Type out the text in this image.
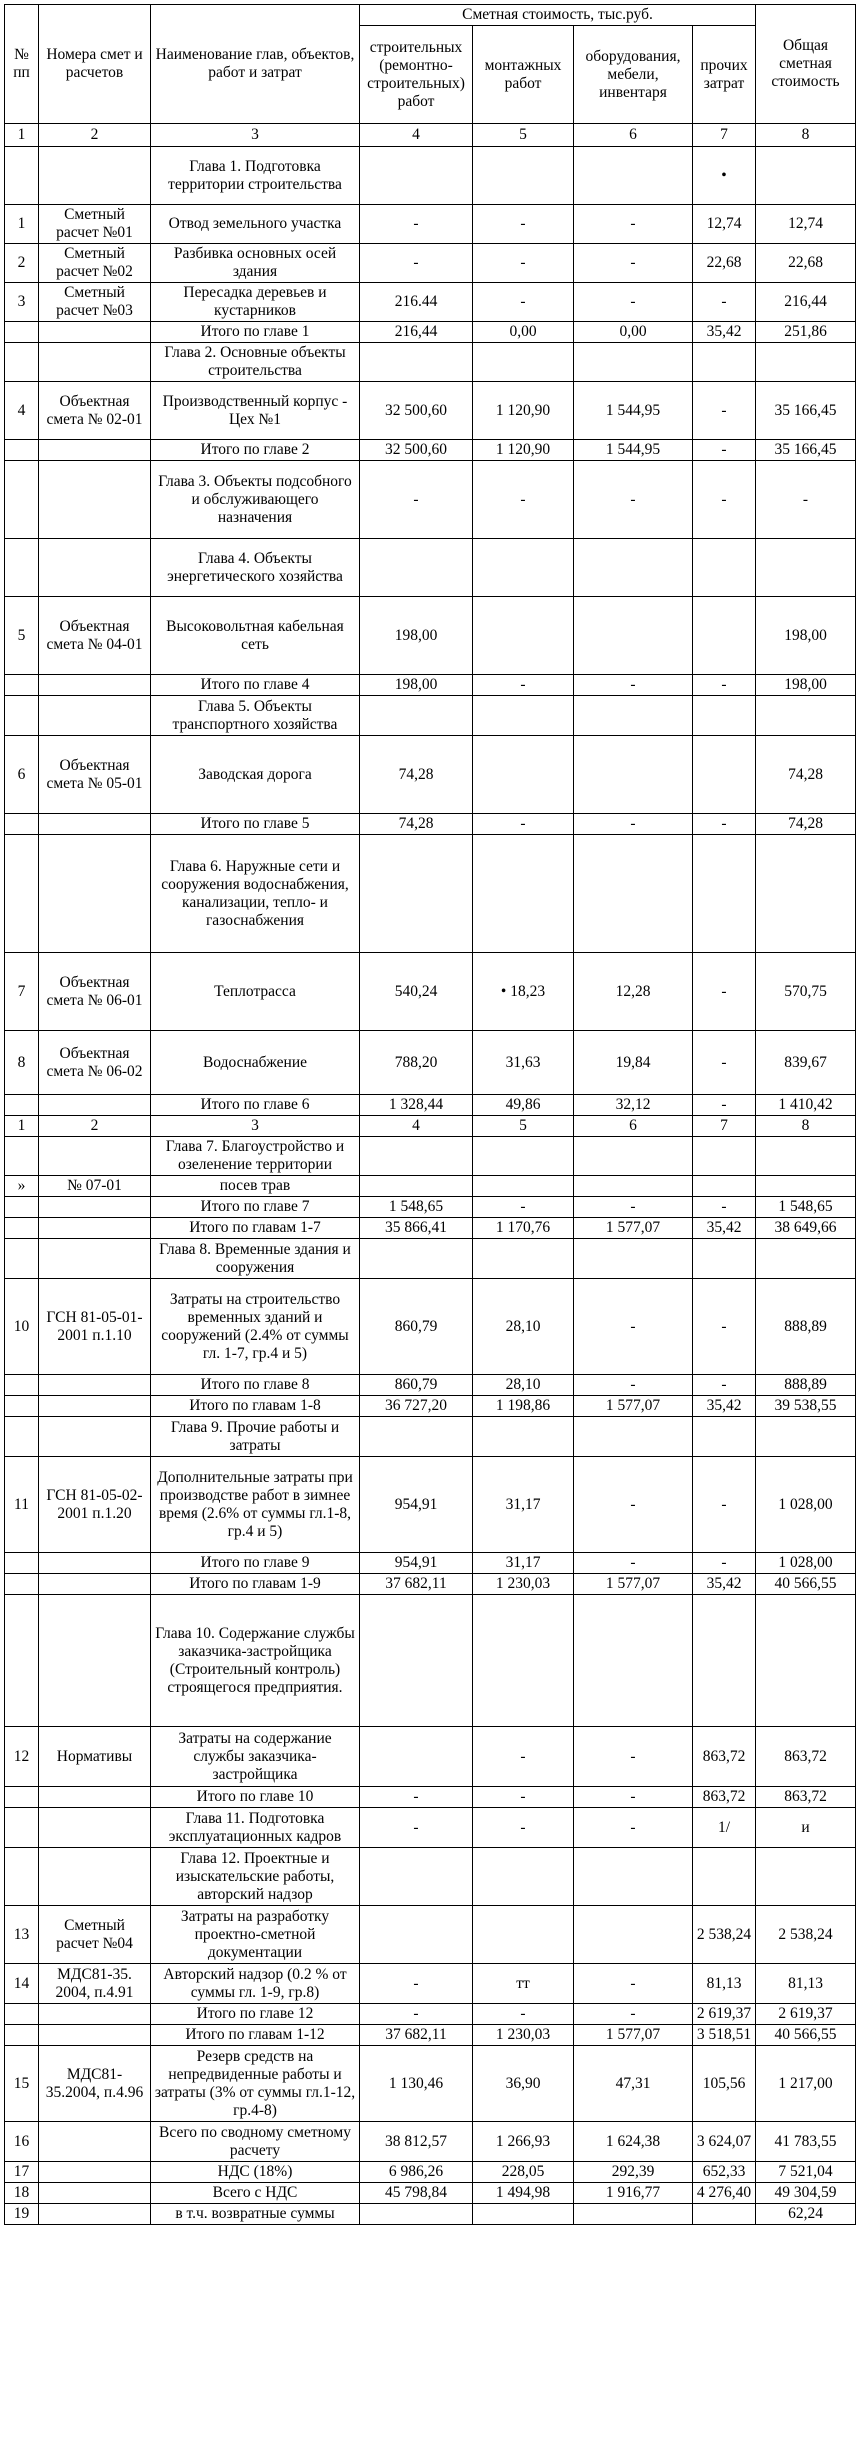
№ пп	Номера смет и расчетов	Наименование глав, объектов, работ и затрат	Сметная стоимость, тыс.руб.				Общая сметная стоимость
			строительных (ремонтно-строительных) работ	монтажных работ	оборудования, мебели, инвентаря	прочих затрат	
1	2	3	4	5	6	7	8
		Глава 1. Подготовка территории строительства				•	
1	Сметный расчет №01	Отвод земельного участка	-	-	-	12,74	12,74
2	Сметный расчет №02	Разбивка основных осей здания	-	-	-	22,68	22,68
3	Сметный расчет №03	Пересадка деревьев и кустарников	216.44	-	-	-	216,44
		Итого по главе 1	216,44	0,00	0,00	35,42	251,86
		Глава 2. Основные объекты строительства					
4	Объектная смета № 02-01	Производственный корпус - Цех №1	32 500,60	1 120,90	1 544,95	-	35 166,45
		Итого по главе 2	32 500,60	1 120,90	1 544,95	-	35 166,45
		Глава 3. Объекты подсобного и обслуживающего назначения	-	-	-	-	-
		Глава 4. Объекты энергетического хозяйства					
5	Объектная смета № 04-01	Высоковольтная кабельная сеть	198,00				198,00
		Итого по главе 4	198,00	-	-	-	198,00
		Глава 5. Объекты транспортного хозяйства					
6	Объектная смета № 05-01	Заводская дорога	74,28				74,28
		Итого по главе 5	74,28	-	-	-	74,28
		Глава 6. Наружные сети и сооружения водоснабжения, канализации, тепло- и газоснабжения					
7	Объектная смета № 06-01	Теплотрасса	540,24	• 18,23	12,28	-	570,75
8	Объектная смета № 06-02	Водоснабжение	788,20	31,63	19,84	-	839,67
		Итого по главе 6	1 328,44	49,86	32,12	-	1 410,42
1	2	3	4	5	6	7	8
		Глава 7. Благоустройство и озеленение территории					
»	№ 07-01	посев трав					
		Итого по главе 7	1 548,65	-	-	-	1 548,65
		Итого по главам 1-7	35 866,41	1 170,76	1 577,07	35,42	38 649,66
		Глава 8. Временные здания и сооружения					
10	ГСН 81-05-01- 2001 п.1.10	Затраты на строительство временных зданий и сооружений (2.4% от суммы гл. 1-7, гр.4 и 5)	860,79	28,10	-	-	888,89
		Итого по главе 8	860,79	28,10	-	-	888,89
		Итого по главам 1-8	36 727,20	1 198,86	1 577,07	35,42	39 538,55
		Глава 9. Прочие работы и затраты					
11	ГСН 81-05-02- 2001 п.1.20	Дополнительные затраты при производстве работ в зимнее время (2.6% от суммы гл.1-8, гр.4 и 5)	954,91	31,17	-	-	1 028,00
		Итого по главе 9	954,91	31,17	-	-	1 028,00
		Итого по главам 1-9	37 682,11	1 230,03	1 577,07	35,42	40 566,55
		Глава 10. Содержание службы заказчика-застройщика (Строительный контроль) строящегося предприятия.					
12	Нормативы	Затраты на содержание службы заказчика-застройщика		-	-	863,72	863,72
		Итого по главе 10	-	-	-	863,72	863,72
		Глава 11. Подготовка эксплуатационных кадров	-	-	-	1/	и
		Глава 12. Проектные и изыскательские работы, авторский надзор					
13	Сметный расчет №04	Затраты на разработку проектно-сметной документации				2 538,24	2 538,24
14	МДС81-35. 2004, п.4.91	Авторский надзор (0.2 % от суммы гл. 1-9, гр.8)	-	тт	-	81,13	81,13
		Итого по главе 12	-	-	-	2 619,37	2 619,37
		Итого по главам 1-12	37 682,11	1 230,03	1 577,07	3 518,51	40 566,55
15	МДС81-35.2004, п.4.96	Резерв средств на непредвиденные работы и затраты (3% от суммы гл.1-12, гр.4-8)	1 130,46	36,90	47,31	105,56	1 217,00
16		Всего по сводному сметному расчету	38 812,57	1 266,93	1 624,38	3 624,07	41 783,55
17		НДС (18%)	6 986,26	228,05	292,39	652,33	7 521,04
18		Всего с НДС	45 798,84	1 494,98	1 916,77	4 276,40	49 304,59
19		в т.ч. возвратные суммы					62,24
